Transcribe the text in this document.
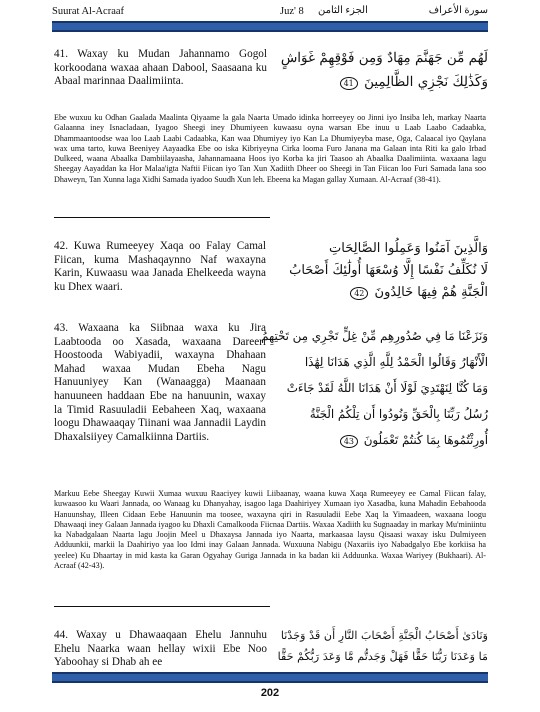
Suurat Al-Acraaf	Juz' 8 الجزء الثامن	سورة الأعراف

41. Waxay ku Mudan Jahannamo Gogol korkoodana waxaa ahaan Dabool, Saasaana ku Abaal marinnaa Daalimiinta.

لَهُم مِّن جَهَنَّمَ مِهَادٌ وَمِن فَوْقِهِمْ غَوَاشٍ
وَكَذَٰلِكَ نَجْزِي الظَّالِمِينَ 41

Ebe wuxuu ku Odhan Gaalada Maalinta Qiyaame la gala Naarta Umado idinka horreeyey oo Jinni iyo Insiba leh, markay Naarta Galaanna iney Isnacladaan, Iyagoo Sheegi iney Dhumiyeen kuwaasu oyna warsan Ebe inuu u Laab Laabo Cadaabka, Dhammaantoodse waa loo Laab Laabi Cadaabka, Kan waa Dhumiyey iyo Kan La Dhumiyeyba mase, Oga, Calaacal iyo Qaylana wax uma tarto, kuwa Beeniyey Aayaadka Ebe oo iska Kibriyeyna Cirka looma Furo Janana ma Galaan inta Riti ka galo Irbad Dulkeed, waana Abaalka Dambiilayaasha, Jahannamaana Hoos iyo Korba ka jiri Taasoo ah Abaalka Daalimiinta. waxaana lagu Sheegay Aayaddan ka Hor Malaa'igta Naftii Fiican iyo Tan Xun Xadiith Dheer oo Sheegi in Tan Fiican loo Furi Samada lana soo Dhaweyn, Tan Xunna laga Xidhi Samada iyadoo Suudh Xun leh. Ebeena ka Magan gallay Xumaan. Al-Acraaf (38-41).

42. Kuwa Rumeeyey Xaqa oo Falay Camal Fiican, kuma Mashaqaynno Naf waxayna Karin, Kuwaasu waa Janada Ehelkeeda wayna ku Dhex waari.

وَالَّذِينَ آمَنُوا وَعَمِلُوا الصَّالِحَاتِ
لَا نُكَلِّفُ نَفْسًا إِلَّا وُسْعَهَا أُولَٰئِكَ أَصْحَابُ
الْجَنَّةِ هُمْ فِيهَا خَالِدُونَ 42

43. Waxaana ka Siibnaa waxa ku Jira Laabtooda oo Xasada, waxaana Dareeri Hoostooda Wabiyadii, waxayna Dhahaan Mahad waxaa Mudan Ebeha Nagu Hanuuniyey Kan (Wanaagga) Maanaan hanuuneen haddaan Ebe na hanuunin, waxay la Timid Rasuuladii Eebaheen Xaq, waxaana loogu Dhawaaqay Tiinani waa Jannadii Laydin Dhaxalsiiyey Camalkiinna Dartiis.

وَنَزَعْنَا مَا فِي صُدُورِهِم مِّنْ غِلٍّ تَجْرِي مِن تَحْتِهِمُ
الْأَنْهَارُ وَقَالُوا الْحَمْدُ لِلَّهِ الَّذِي هَدَانَا لِهَٰذَا
وَمَا كُنَّا لِنَهْتَدِيَ لَوْلَا أَنْ هَدَانَا اللَّهُ لَقَدْ جَاءَتْ
رُسُلُ رَبِّنَا بِالْحَقِّ وَنُودُوا أَن تِلْكُمُ الْجَنَّةُ
أُورِثْتُمُوهَا بِمَا كُنتُمْ تَعْمَلُونَ 43

Markuu Eebe Sheegay Kuwii Xumaa wuxuu Raaciyey kuwii Liibaanay, waana kuwa Xaqa Rumeeyey ee Camal Fiican falay, kuwaasoo ku Waari Jannada, oo Wanaag ku Dhanyahay, isagoo laga Daahiriyey Xumaan iyo Xasadba, kuna Mahadin Eebahooda Hanuunshay, Illeen Cidaan Eebe Hanuunin ma toosee, waxayna qiri in Rasuuladii Eebe Xaq la Yimaadeen, waxaana loogu Dhawaaqi iney Galaan Jannada iyagoo ku Dhaxli Camalkooda Fiicnaa Dartiis. Waxaa Xadiith ku Sugnaaday in markay Mu'miniintu ka Nabadgalaan Naarta lagu Joojin Meel u Dhaxaysa Jannada iyo Naarta, markaasaa laysu Qisaasi waxay isku Dulmiyeen Adduunkii, markii la Daahiriyo yaa loo Idmi inay Galaan Jannada. Wuxuuna Nabigu (Naxariis iyo Nabadgalyo Ebe korkiisa ha yeelee) Ku Dhaartay in mid kasta ka Garan Ogyahay Guriga Jannada in ka badan kii Adduunka. Waxaa Wariyey (Bukhaari). Al-Acraaf (42-43).

44. Waxay u Dhawaaqaan Ehelu Jannuhu Ehelu Naarka waan hellay wixii Ebe Noo Yaboohay si Dhab ah ee

وَنَادَىٰ أَصْحَابُ الْجَنَّةِ أَصْحَابَ النَّارِ أَن قَدْ وَجَدْنَا
مَا وَعَدَنَا رَبُّنَا حَقًّا فَهَلْ وَجَدتُّم مَّا وَعَدَ رَبُّكُمْ حَقًّا
202
